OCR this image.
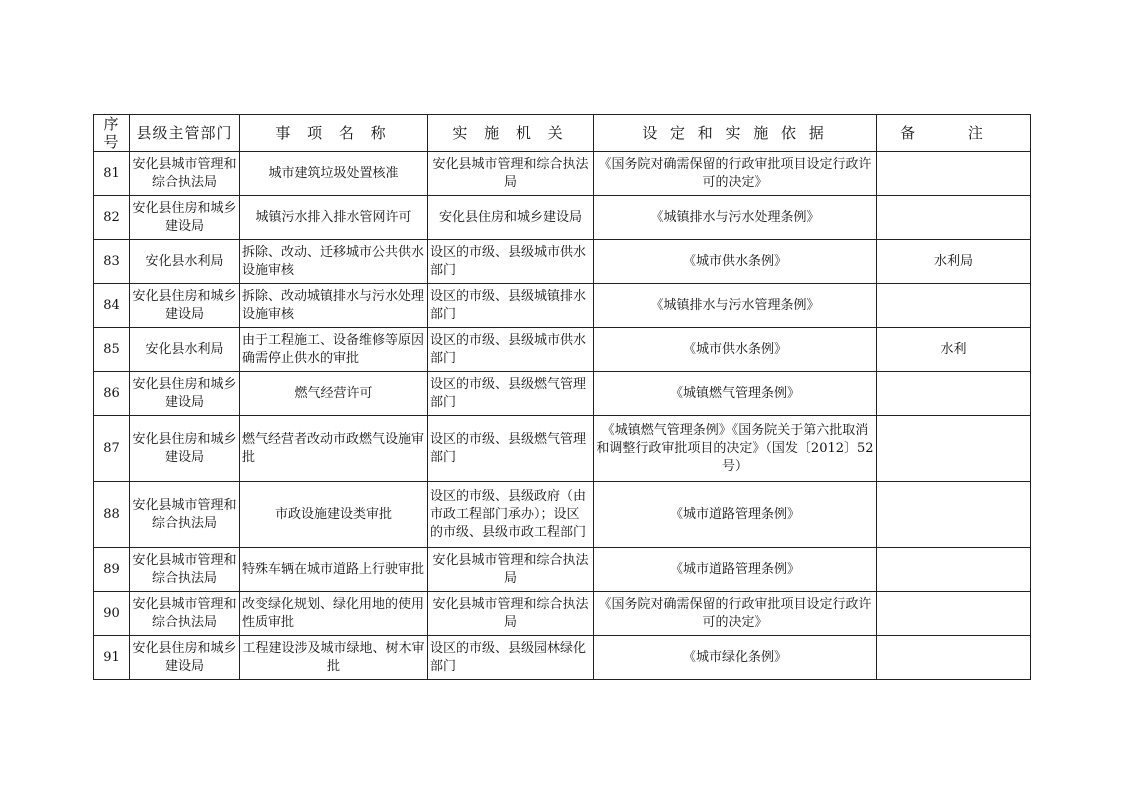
序号	县级主管部门	事 项 名 称	实 施 机 关	设 定 和 实 施 依 据	备 注
81	安化县城市管理和综合执法局	城市建筑垃圾处置核准	安化县城市管理和综合执法局	《国务院对确需保留的行政审批项目设定行政许可的决定》	
82	安化县住房和城乡建设局	城镇污水排入排水管网许可	安化县住房和城乡建设局	《城镇排水与污水处理条例》	
83	安化县水利局	拆除、改动、迁移城市公共供水设施审核	设区的市级、县级城市供水部门	《城市供水条例》	水利局
84	安化县住房和城乡建设局	拆除、改动城镇排水与污水处理设施审核	设区的市级、县级城镇排水部门	《城镇排水与污水管理条例》	
85	安化县水利局	由于工程施工、设备维修等原因确需停止供水的审批	设区的市级、县级城市供水部门	《城市供水条例》	水利
86	安化县住房和城乡建设局	燃气经营许可	设区的市级、县级燃气管理部门	《城镇燃气管理条例》	
87	安化县住房和城乡建设局	燃气经营者改动市政燃气设施审批	设区的市级、县级燃气管理部门	《城镇燃气管理条例》《国务院关于第六批取消和调整行政审批项目的决定》（国发〔2012〕52 号）	
88	安化县城市管理和综合执法局	市政设施建设类审批	设区的市级、县级政府（由市政工程部门承办）；设区的市级、县级市政工程部门	《城市道路管理条例》	
89	安化县城市管理和综合执法局	特殊车辆在城市道路上行驶审批	安化县城市管理和综合执法局	《城市道路管理条例》	
90	安化县城市管理和综合执法局	改变绿化规划、绿化用地的使用性质审批	安化县城市管理和综合执法局	《国务院对确需保留的行政审批项目设定行政许可的决定》	
91	安化县住房和城乡建设局	工程建设涉及城市绿地、树木审批	设区的市级、县级园林绿化部门	《城市绿化条例》	
